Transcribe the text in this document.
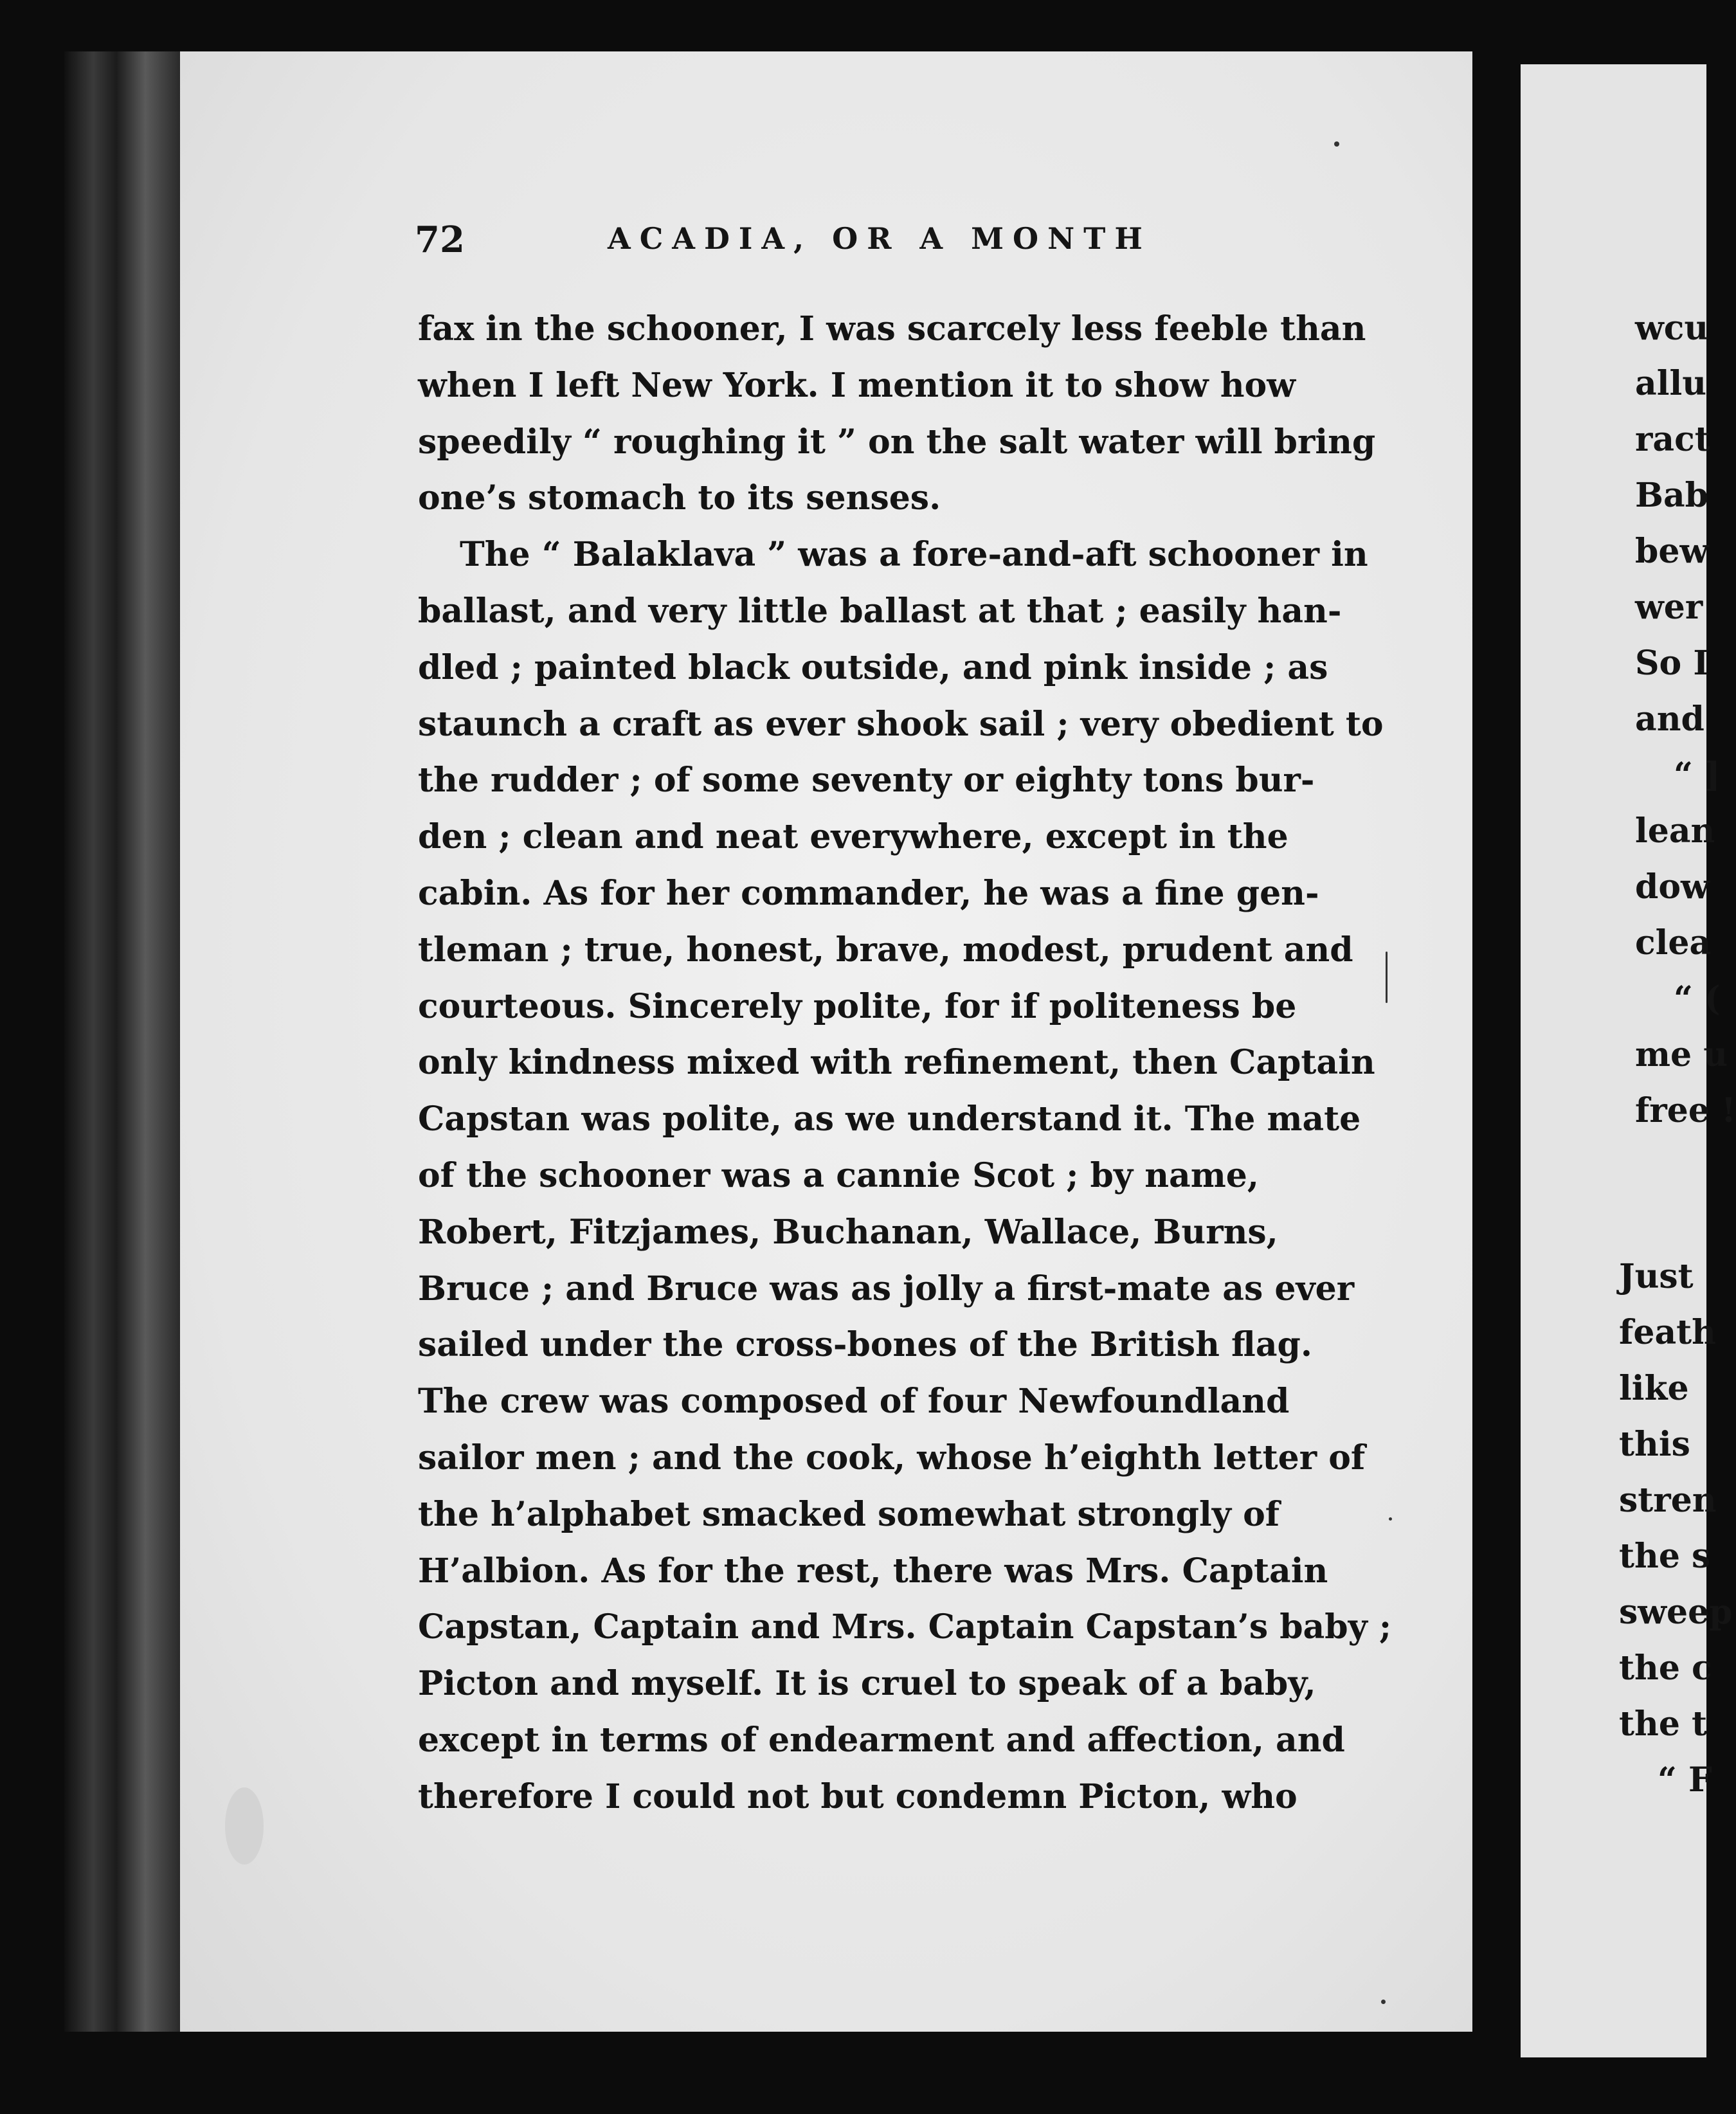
72	ACADIA, OR A MONTH
fax in the schooner, I was scarcely less feeble than
when I left New York. I mention it to show how
speedily “ roughing it ” on the salt water will bring
one’s stomach to its senses.
The “ Balaklava ” was a fore-and-aft schooner in
ballast, and very little ballast at that ; easily han-
dled ; painted black outside, and pink inside ; as
staunch a craft as ever shook sail ; very obedient to
the rudder ; of some seventy or eighty tons bur-
den ; clean and neat everywhere, except in the
cabin. As for her commander, he was a fine gen-
tleman ; true, honest, brave, modest, prudent and
courteous. Sincerely polite, for if politeness be
only kindness mixed with refinement, then Captain
Capstan was polite, as we understand it. The mate
of the schooner was a cannie Scot ; by name,
Robert, Fitzjames, Buchanan, Wallace, Burns,
Bruce ; and Bruce was as jolly a first-mate as ever
sailed under the cross-bones of the British flag.
The crew was composed of four Newfoundland
sailor men ; and the cook, whose h’eighth letter of
the h’alphabet smacked somewhat strongly of
H’albion. As for the rest, there was Mrs. Captain
Capstan, Captain and Mrs. Captain Capstan’s baby ;
Picton and myself. It is cruel to speak of a baby,
except in terms of endearment and affection, and
therefore I could not but condemn Picton, who
wcu
allu
ract
Bab
bew
wer
So I
and
“ ]
lean
dow
clea
“ (
me u
free !
Just
feath
like
this
stren
the s
sweep
the c
the t
“ F
